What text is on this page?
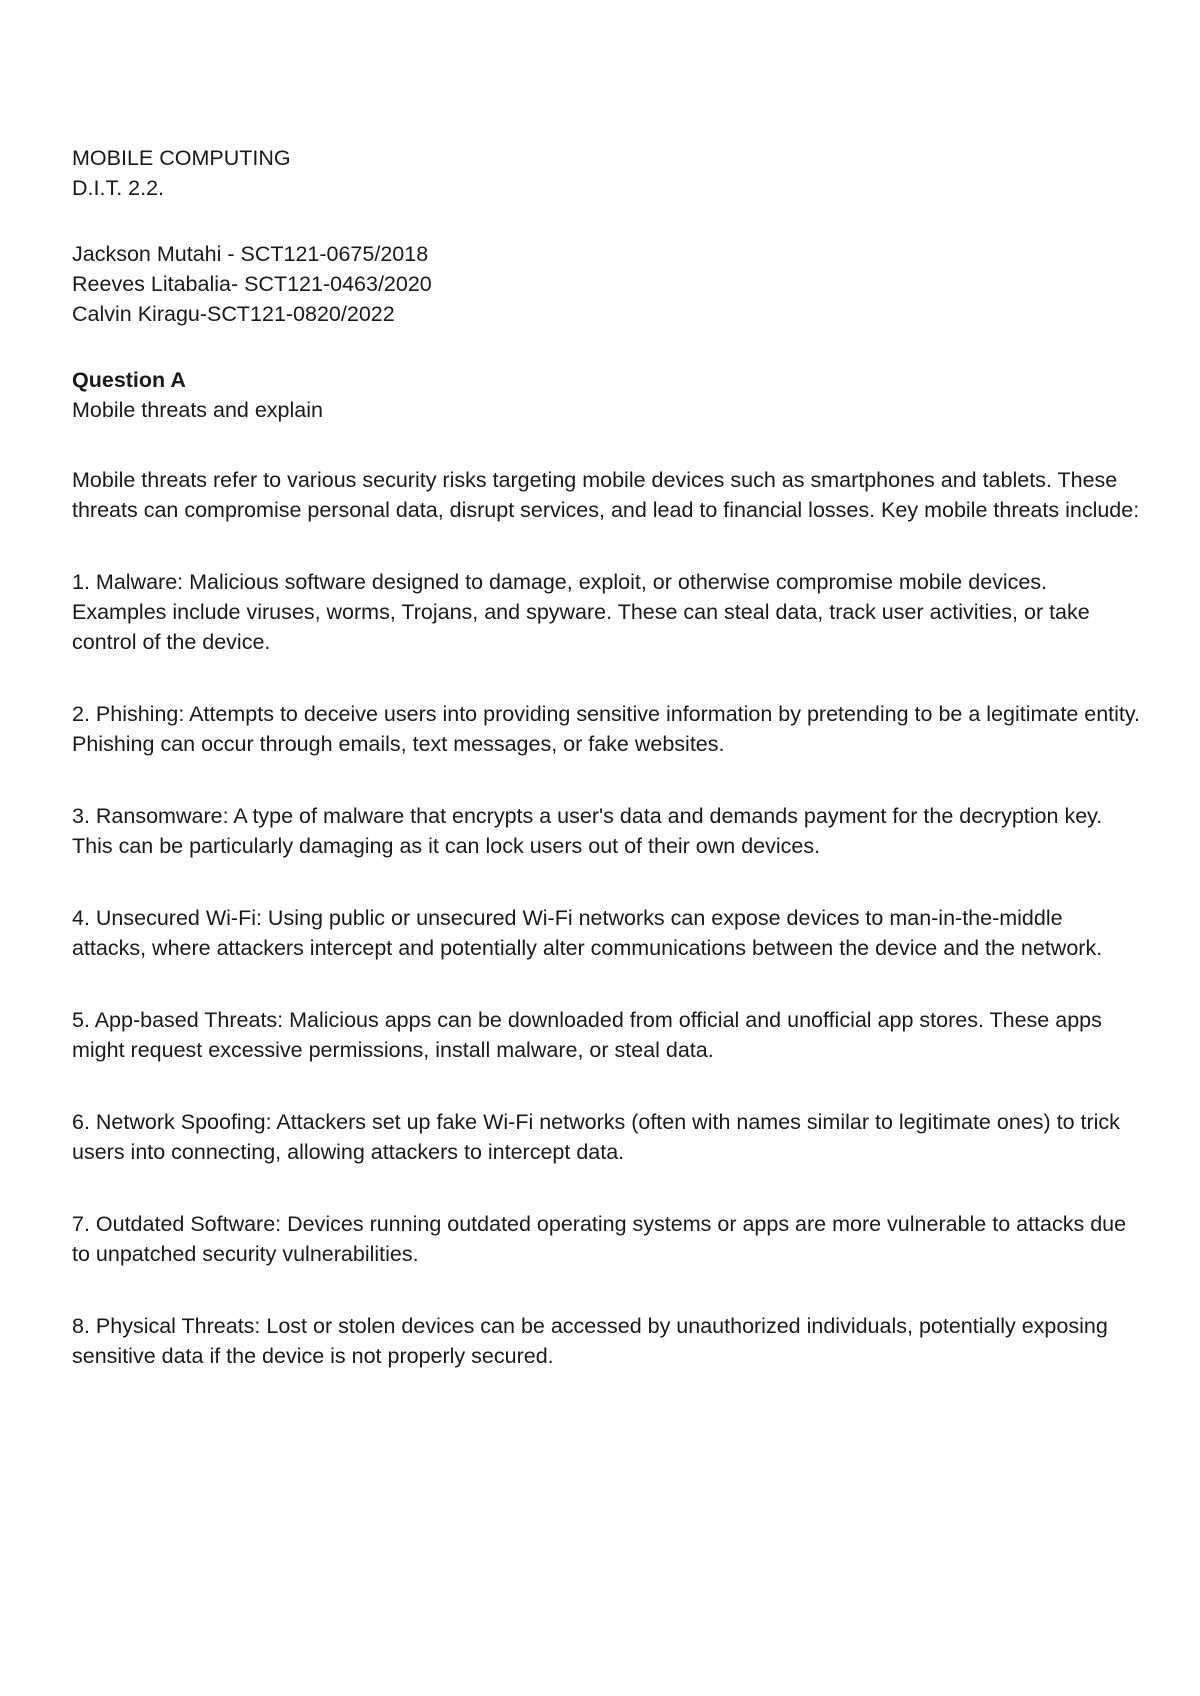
MOBILE COMPUTING

D.I.T. 2.2.

Jackson Mutahi - SCT121-0675/2018

Reeves Litabalia- SCT121-0463/2020

Calvin Kiragu-SCT121-0820/2022

Question A

Mobile threats and explain

Mobile threats refer to various security risks targeting mobile devices such as smartphones and tablets. These threats can compromise personal data, disrupt services, and lead to financial losses. Key mobile threats include:

1. Malware: Malicious software designed to damage, exploit, or otherwise compromise mobile devices. Examples include viruses, worms, Trojans, and spyware. These can steal data, track user activities, or take control of the device.

2. Phishing: Attempts to deceive users into providing sensitive information by pretending to be a legitimate entity. Phishing can occur through emails, text messages, or fake websites.

3. Ransomware: A type of malware that encrypts a user's data and demands payment for the decryption key. This can be particularly damaging as it can lock users out of their own devices.

4. Unsecured Wi-Fi: Using public or unsecured Wi-Fi networks can expose devices to man-in-the-middle attacks, where attackers intercept and potentially alter communications between the device and the network.

5. App-based Threats: Malicious apps can be downloaded from official and unofficial app stores. These apps might request excessive permissions, install malware, or steal data.

6. Network Spoofing: Attackers set up fake Wi-Fi networks (often with names similar to legitimate ones) to trick users into connecting, allowing attackers to intercept data.

7. Outdated Software: Devices running outdated operating systems or apps are more vulnerable to attacks due to unpatched security vulnerabilities.

8. Physical Threats: Lost or stolen devices can be accessed by unauthorized individuals, potentially exposing sensitive data if the device is not properly secured.
